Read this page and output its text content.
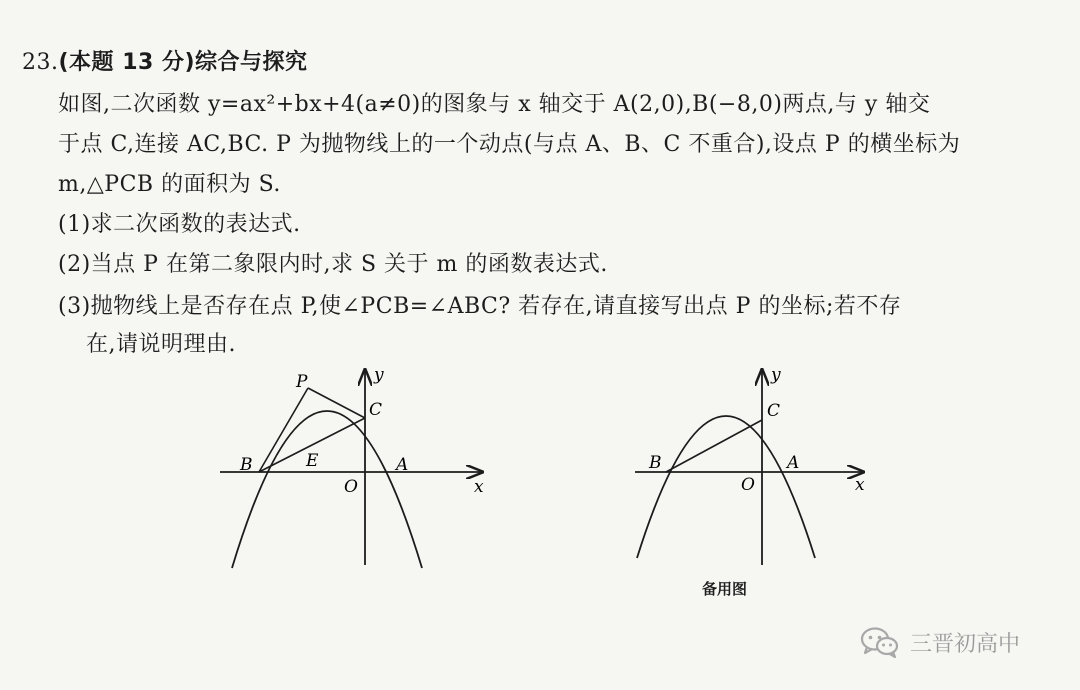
23.(本题 13 分)综合与探究
如图,二次函数 y=ax²+bx+4(a≠0)的图象与 x 轴交于 A(2,0),B(−8,0)两点,与 y 轴交
于点 C,连接 AC,BC. P 为抛物线上的一个动点(与点 A、B、C 不重合),设点 P 的横坐标为
m,△PCB 的面积为 S.
(1)求二次函数的表达式.
(2)当点 P 在第二象限内时,求 S 关于 m 的函数表达式.
(3)抛物线上是否存在点 P,使∠PCB=∠ABC? 若存在,请直接写出点 P 的坐标;若不存
在,请说明理由.
y
x
P
C
B	E	A
O
y
x
C
B	A
O
备用图
三晋初高中
